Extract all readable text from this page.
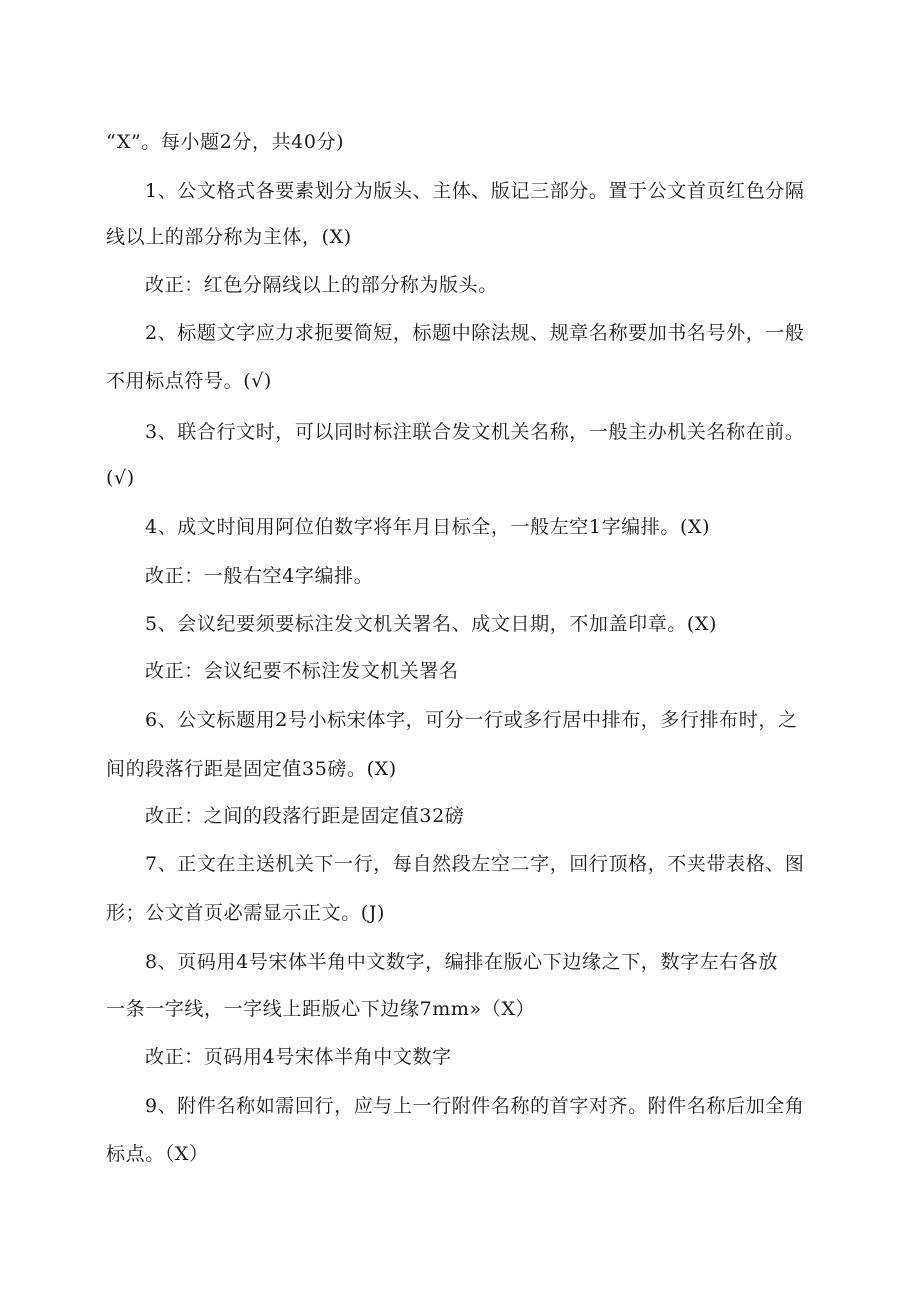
“X”。每小题2分，共40分)
1、公文格式各要素划分为版头、主体、版记三部分。置于公文首页红色分隔
线以上的部分称为主体，(X)
改正：红色分隔线以上的部分称为版头。
2、标题文字应力求扼要简短，标题中除法规、规章名称要加书名号外，一般
不用标点符号。(√)
3、联合行文时，可以同时标注联合发文机关名称，一般主办机关名称在前。
(√)
4、成文时间用阿位伯数字将年月日标全，一般左空1字编排。(X)
改正：一般右空4字编排。
5、会议纪要须要标注发文机关署名、成文日期，不加盖印章。(X)
改正：会议纪要不标注发文机关署名
6、公文标题用2号小标宋体字，可分一行或多行居中排布，多行排布时，之
间的段落行距是固定值35磅。(X)
改正：之间的段落行距是固定值32磅
7、正文在主送机关下一行，每自然段左空二字，回行顶格，不夹带表格、图
形；公文首页必需显示正文。(J)
8、页码用4号宋体半角中文数字，编排在版心下边缘之下，数字左右各放
一条一字线，一字线上距版心下边缘7mm»（X）
改正：页码用4号宋体半角中文数字
9、附件名称如需回行，应与上一行附件名称的首字对齐。附件名称后加全角
标点。（X）
